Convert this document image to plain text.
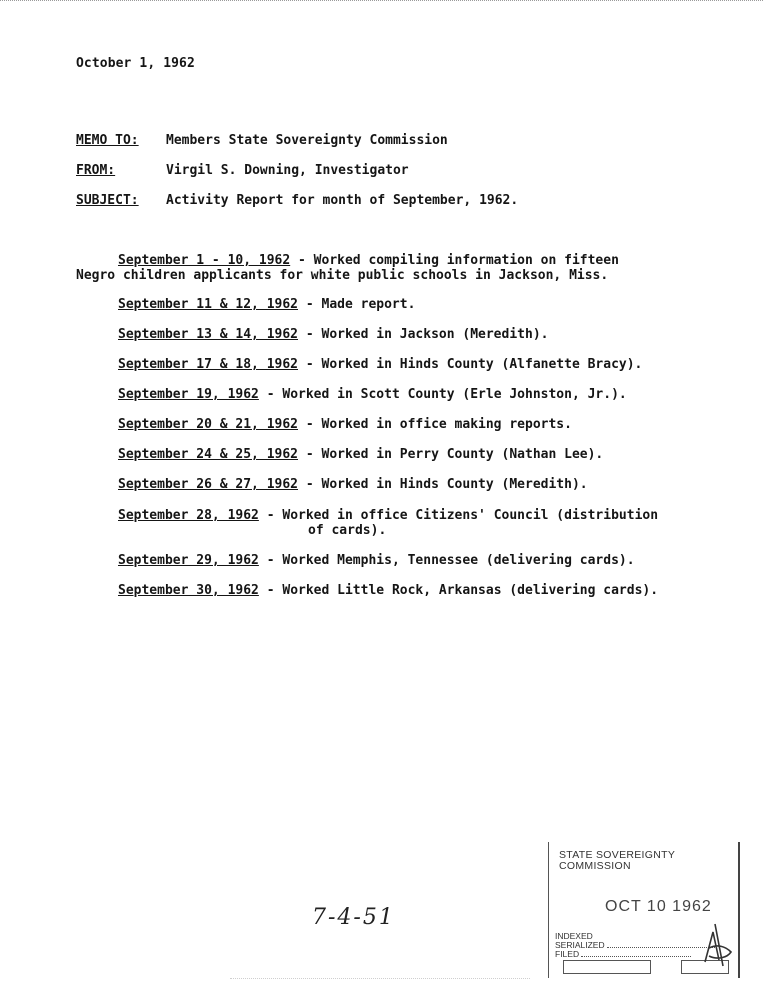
October 1, 1962
MEMO TO: Members State Sovereignty Commission
FROM:	Virgil S. Downing, Investigator
SUBJECT: Activity Report for month of September, 1962.
September 1 - 10, 1962 - Worked compiling information on fifteen
Negro children applicants for white public schools in Jackson, Miss.
September 11 & 12, 1962 - Made report.
September 13 & 14, 1962 - Worked in Jackson (Meredith).
September 17 & 18, 1962 - Worked in Hinds County (Alfanette Bracy).
September 19, 1962 - Worked in Scott County (Erle Johnston, Jr.).
September 20 & 21, 1962 - Worked in office making reports.
September 24 & 25, 1962 - Worked in Perry County (Nathan Lee).
September 26 & 27, 1962 - Worked in Hinds County (Meredith).
September 28, 1962 - Worked in office Citizens' Council (distribution
of cards).
September 29, 1962 - Worked Memphis, Tennessee (delivering cards).
September 30, 1962 - Worked Little Rock, Arkansas (delivering cards).
7-4-51
STATE SOVEREIGNTY COMMISSION
OCT 10 1962
INDEXED
SERIALIZED
FILED
